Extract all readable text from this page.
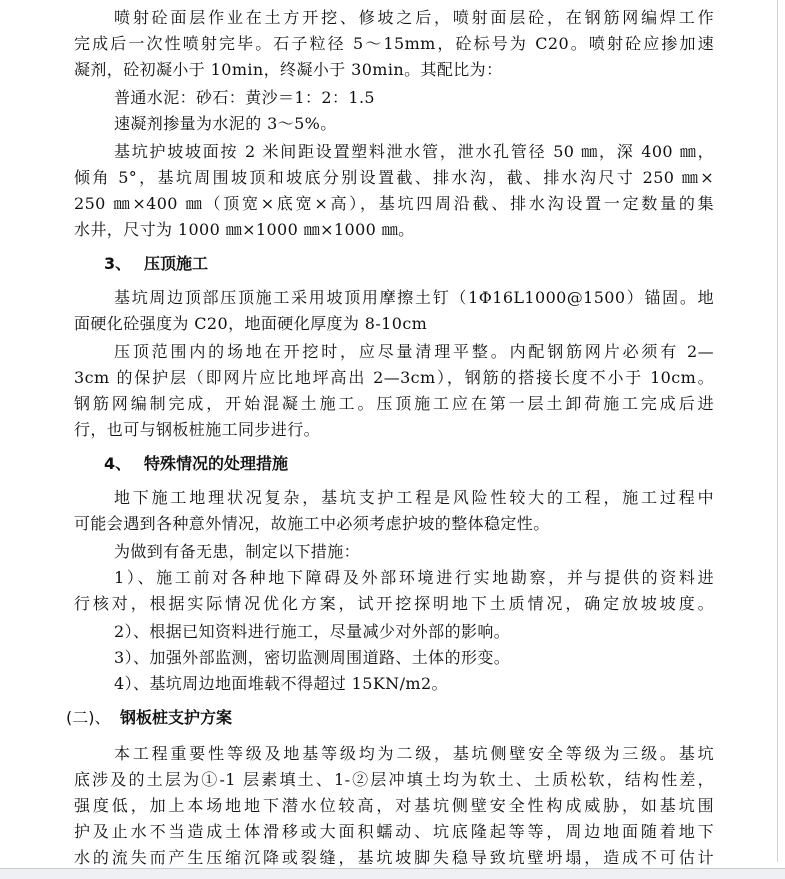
喷射砼面层作业在土方开挖、修坡之后，喷射面层砼，在钢筋网编焊工作
完成后一次性喷射完毕。石子粒径 5～15mm，砼标号为 C20。喷射砼应掺加速
凝剂，砼初凝小于 10min，终凝小于 30min。其配比为：
普通水泥：砂石：黄沙＝1：2：1.5
速凝剂掺量为水泥的 3～5%。
基坑护坡坡面按 2 米间距设置塑料泄水管，泄水孔管径 50 ㎜，深 400 ㎜，
倾角 5°，基坑周围坡顶和坡底分别设置截、排水沟，截、排水沟尺寸 250 ㎜×
250 ㎜×400 ㎜（顶宽×底宽×高），基坑四周沿截、排水沟设置一定数量的集
水井，尺寸为 1000 ㎜×1000 ㎜×1000 ㎜。
3、 压顶施工
基坑周边顶部压顶施工采用坡顶用摩擦土钉（1Φ16L1000@1500）锚固。地
面硬化砼强度为 C20，地面硬化厚度为 8-10cm
压顶范围内的场地在开挖时，应尽量清理平整。内配钢筋网片必须有 2—
3cm 的保护层（即网片应比地坪高出 2—3cm），钢筋的搭接长度不小于 10cm。
钢筋网编制完成，开始混凝土施工。压顶施工应在第一层土卸荷施工完成后进
行，也可与钢板桩施工同步进行。
4、 特殊情况的处理措施
地下施工地理状况复杂，基坑支护工程是风险性较大的工程，施工过程中
可能会遇到各种意外情况，故施工中必须考虑护坡的整体稳定性。
为做到有备无患，制定以下措施：
1）、施工前对各种地下障碍及外部环境进行实地勘察，并与提供的资料进
行核对，根据实际情况优化方案，试开挖探明地下土质情况，确定放坡坡度。
2）、根据已知资料进行施工，尽量减少对外部的影响。
3）、加强外部监测，密切监测周围道路、土体的形变。
4）、基坑周边地面堆载不得超过 15KN/m2。
(二)、 钢板桩支护方案
本工程重要性等级及地基等级均为二级，基坑侧壁安全等级为三级。基坑
底涉及的土层为①-1 层素填土、1-②层冲填土均为软土、土质松软，结构性差，
强度低，加上本场地地下潜水位较高，对基坑侧壁安全性构成威胁，如基坑围
护及止水不当造成土体滑移或大面积蠕动、坑底隆起等等，周边地面随着地下
水的流失而产生压缩沉降或裂缝，基坑坡脚失稳导致坑壁坍塌，造成不可估计
